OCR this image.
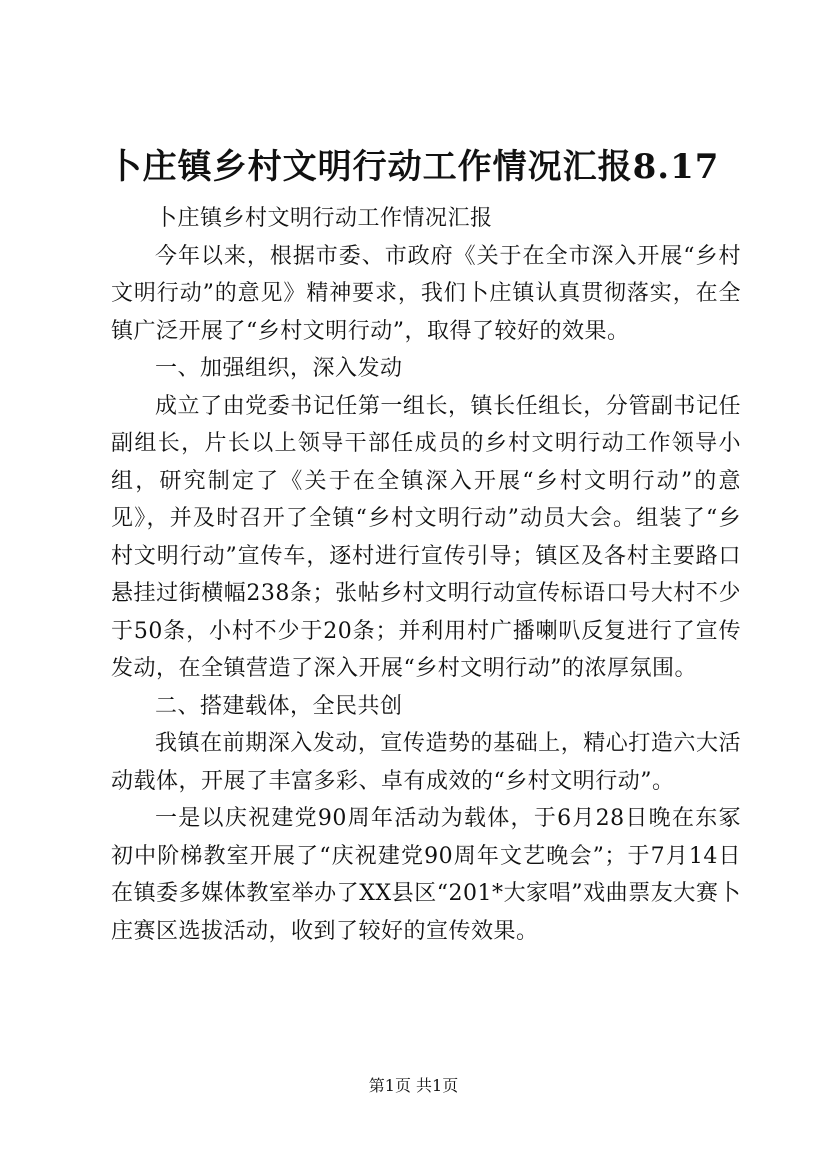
卜庄镇乡村文明行动工作情况汇报8.17

卜庄镇乡村文明行动工作情况汇报

今年以来，根据市委、市政府《关于在全市深入开展“乡村文明行动”的意见》精神要求，我们卜庄镇认真贯彻落实，在全镇广泛开展了“乡村文明行动”，取得了较好的效果。

一、加强组织，深入发动

成立了由党委书记任第一组长，镇长任组长，分管副书记任副组长，片长以上领导干部任成员的乡村文明行动工作领导小组，研究制定了《关于在全镇深入开展“乡村文明行动”的意见》，并及时召开了全镇“乡村文明行动”动员大会。组装了“乡村文明行动”宣传车，逐村进行宣传引导；镇区及各村主要路口悬挂过街横幅238条；张帖乡村文明行动宣传标语口号大村不少于50条，小村不少于20条；并利用村广播喇叭反复进行了宣传发动，在全镇营造了深入开展“乡村文明行动”的浓厚氛围。

二、搭建载体，全民共创

我镇在前期深入发动，宣传造势的基础上，精心打造六大活动载体，开展了丰富多彩、卓有成效的“乡村文明行动”。

一是以庆祝建党90周年活动为载体，于6月28日晚在东冢初中阶梯教室开展了“庆祝建党90周年文艺晚会”；于7月14日在镇委多媒体教室举办了XX县区“201*大家唱”戏曲票友大赛卜庄赛区选拔活动，收到了较好的宣传效果。

第1页 共1页
